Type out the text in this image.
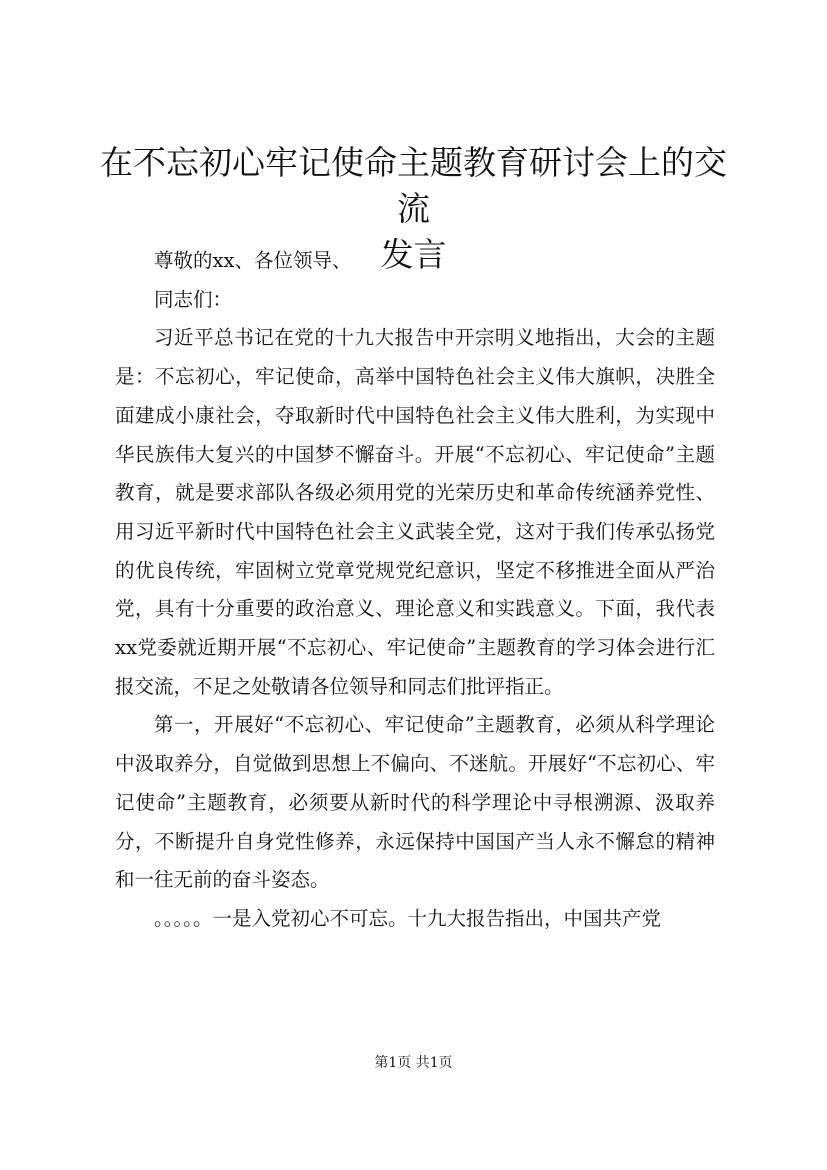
在不忘初心牢记使命主题教育研讨会上的交流
发言

尊敬的xx、各位领导、

同志们：

习近平总书记在党的十九大报告中开宗明义地指出，大会的主题是：不忘初心，牢记使命，高举中国特色社会主义伟大旗帜，决胜全面建成小康社会，夺取新时代中国特色社会主义伟大胜利，为实现中华民族伟大复兴的中国梦不懈奋斗。开展“不忘初心、牢记使命”主题教育，就是要求部队各级必须用党的光荣历史和革命传统涵养党性、用习近平新时代中国特色社会主义武装全党，这对于我们传承弘扬党的优良传统，牢固树立党章党规党纪意识，坚定不移推进全面从严治党，具有十分重要的政治意义、理论意义和实践意义。下面，我代表xx党委就近期开展“不忘初心、牢记使命”主题教育的学习体会进行汇报交流，不足之处敬请各位领导和同志们批评指正。

第一，开展好“不忘初心、牢记使命”主题教育，必须从科学理论中汲取养分，自觉做到思想上不偏向、不迷航。开展好“不忘初心、牢记使命”主题教育，必须要从新时代的科学理论中寻根溯源、汲取养分，不断提升自身党性修养，永远保持中国国产当人永不懈怠的精神和一往无前的奋斗姿态。

。。。。。一是入党初心不可忘。十九大报告指出，中国共产党

第1页 共1页
